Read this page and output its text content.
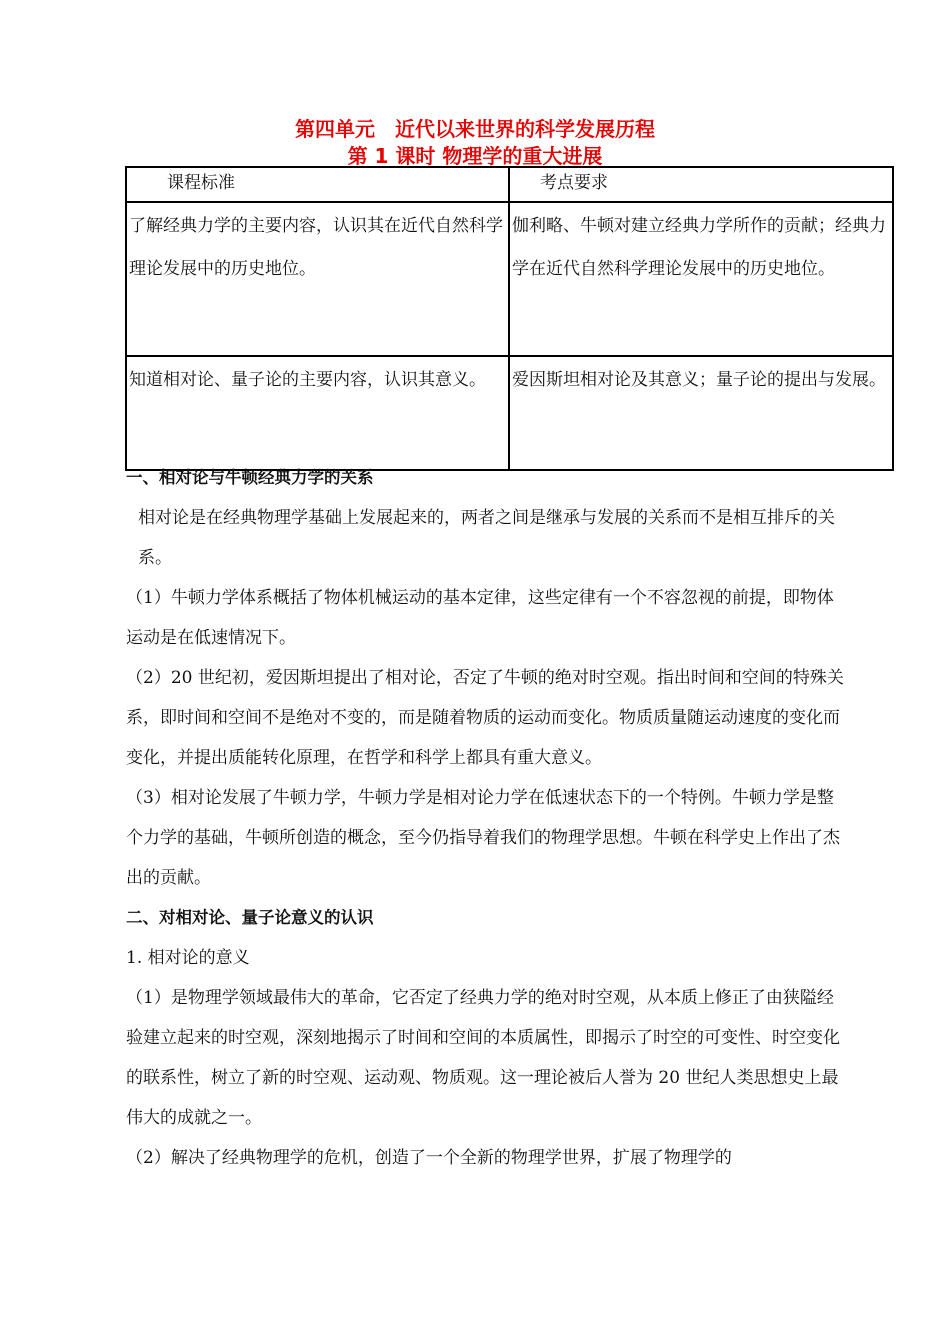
第四单元　近代以来世界的科学发展历程
第 1 课时 物理学的重大进展
课程标准	考点要求
了解经典力学的主要内容，认识其在近代自然科学理论发展中的历史地位。	伽利略、牛顿对建立经典力学所作的贡献；经典力学在近代自然科学理论发展中的历史地位。
知道相对论、量子论的主要内容，认识其意义。	爱因斯坦相对论及其意义；量子论的提出与发展。

一、相对论与牛顿经典力学的关系

相对论是在经典物理学基础上发展起来的，两者之间是继承与发展的关系而不是相互排斥的关系。

（1）牛顿力学体系概括了物体机械运动的基本定律，这些定律有一个不容忽视的前提，即物体运动是在低速情况下。

（2）20 世纪初，爱因斯坦提出了相对论，否定了牛顿的绝对时空观。指出时间和空间的特殊关系，即时间和空间不是绝对不变的，而是随着物质的运动而变化。物质质量随运动速度的变化而变化，并提出质能转化原理，在哲学和科学上都具有重大意义。

（3）相对论发展了牛顿力学，牛顿力学是相对论力学在低速状态下的一个特例。牛顿力学是整个力学的基础，牛顿所创造的概念，至今仍指导着我们的物理学思想。牛顿在科学史上作出了杰出的贡献。

二、对相对论、量子论意义的认识

1. 相对论的意义

（1）是物理学领域最伟大的革命，它否定了经典力学的绝对时空观，从本质上修正了由狭隘经验建立起来的时空观，深刻地揭示了时间和空间的本质属性，即揭示了时空的可变性、时空变化的联系性，树立了新的时空观、运动观、物质观。这一理论被后人誉为 20 世纪人类思想史上最伟大的成就之一。

（2）解决了经典物理学的危机，创造了一个全新的物理学世界，扩展了物理学的
